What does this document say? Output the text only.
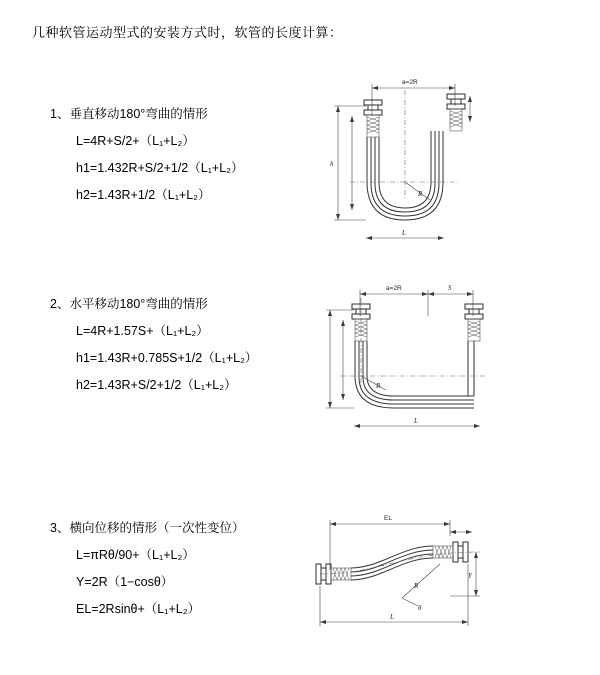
几种软管运动型式的安装方式时，软管的长度计算：
1、垂直移动180°弯曲的情形
L=4R+S/2+（L₁+L₂）
h1=1.432R+S/2+1/2（L₁+L₂）
h2=1.43R+1/2（L₁+L₂）
a=2R
h
R
L
2、水平移动180°弯曲的情形
L=4R+1.57S+（L₁+L₂）
h1=1.43R+0.785S+1/2（L₁+L₂）
h2=1.43R+S/2+1/2（L₁+L₂）
a=2R	S
R
L
3、横向位移的情形（一次性变位）
L=πRθ/90+（L₁+L₂）
Y=2R（1−cosθ）
EL=2Rsinθ+（L₁+L₂）
EL
Y
R
θ
L
